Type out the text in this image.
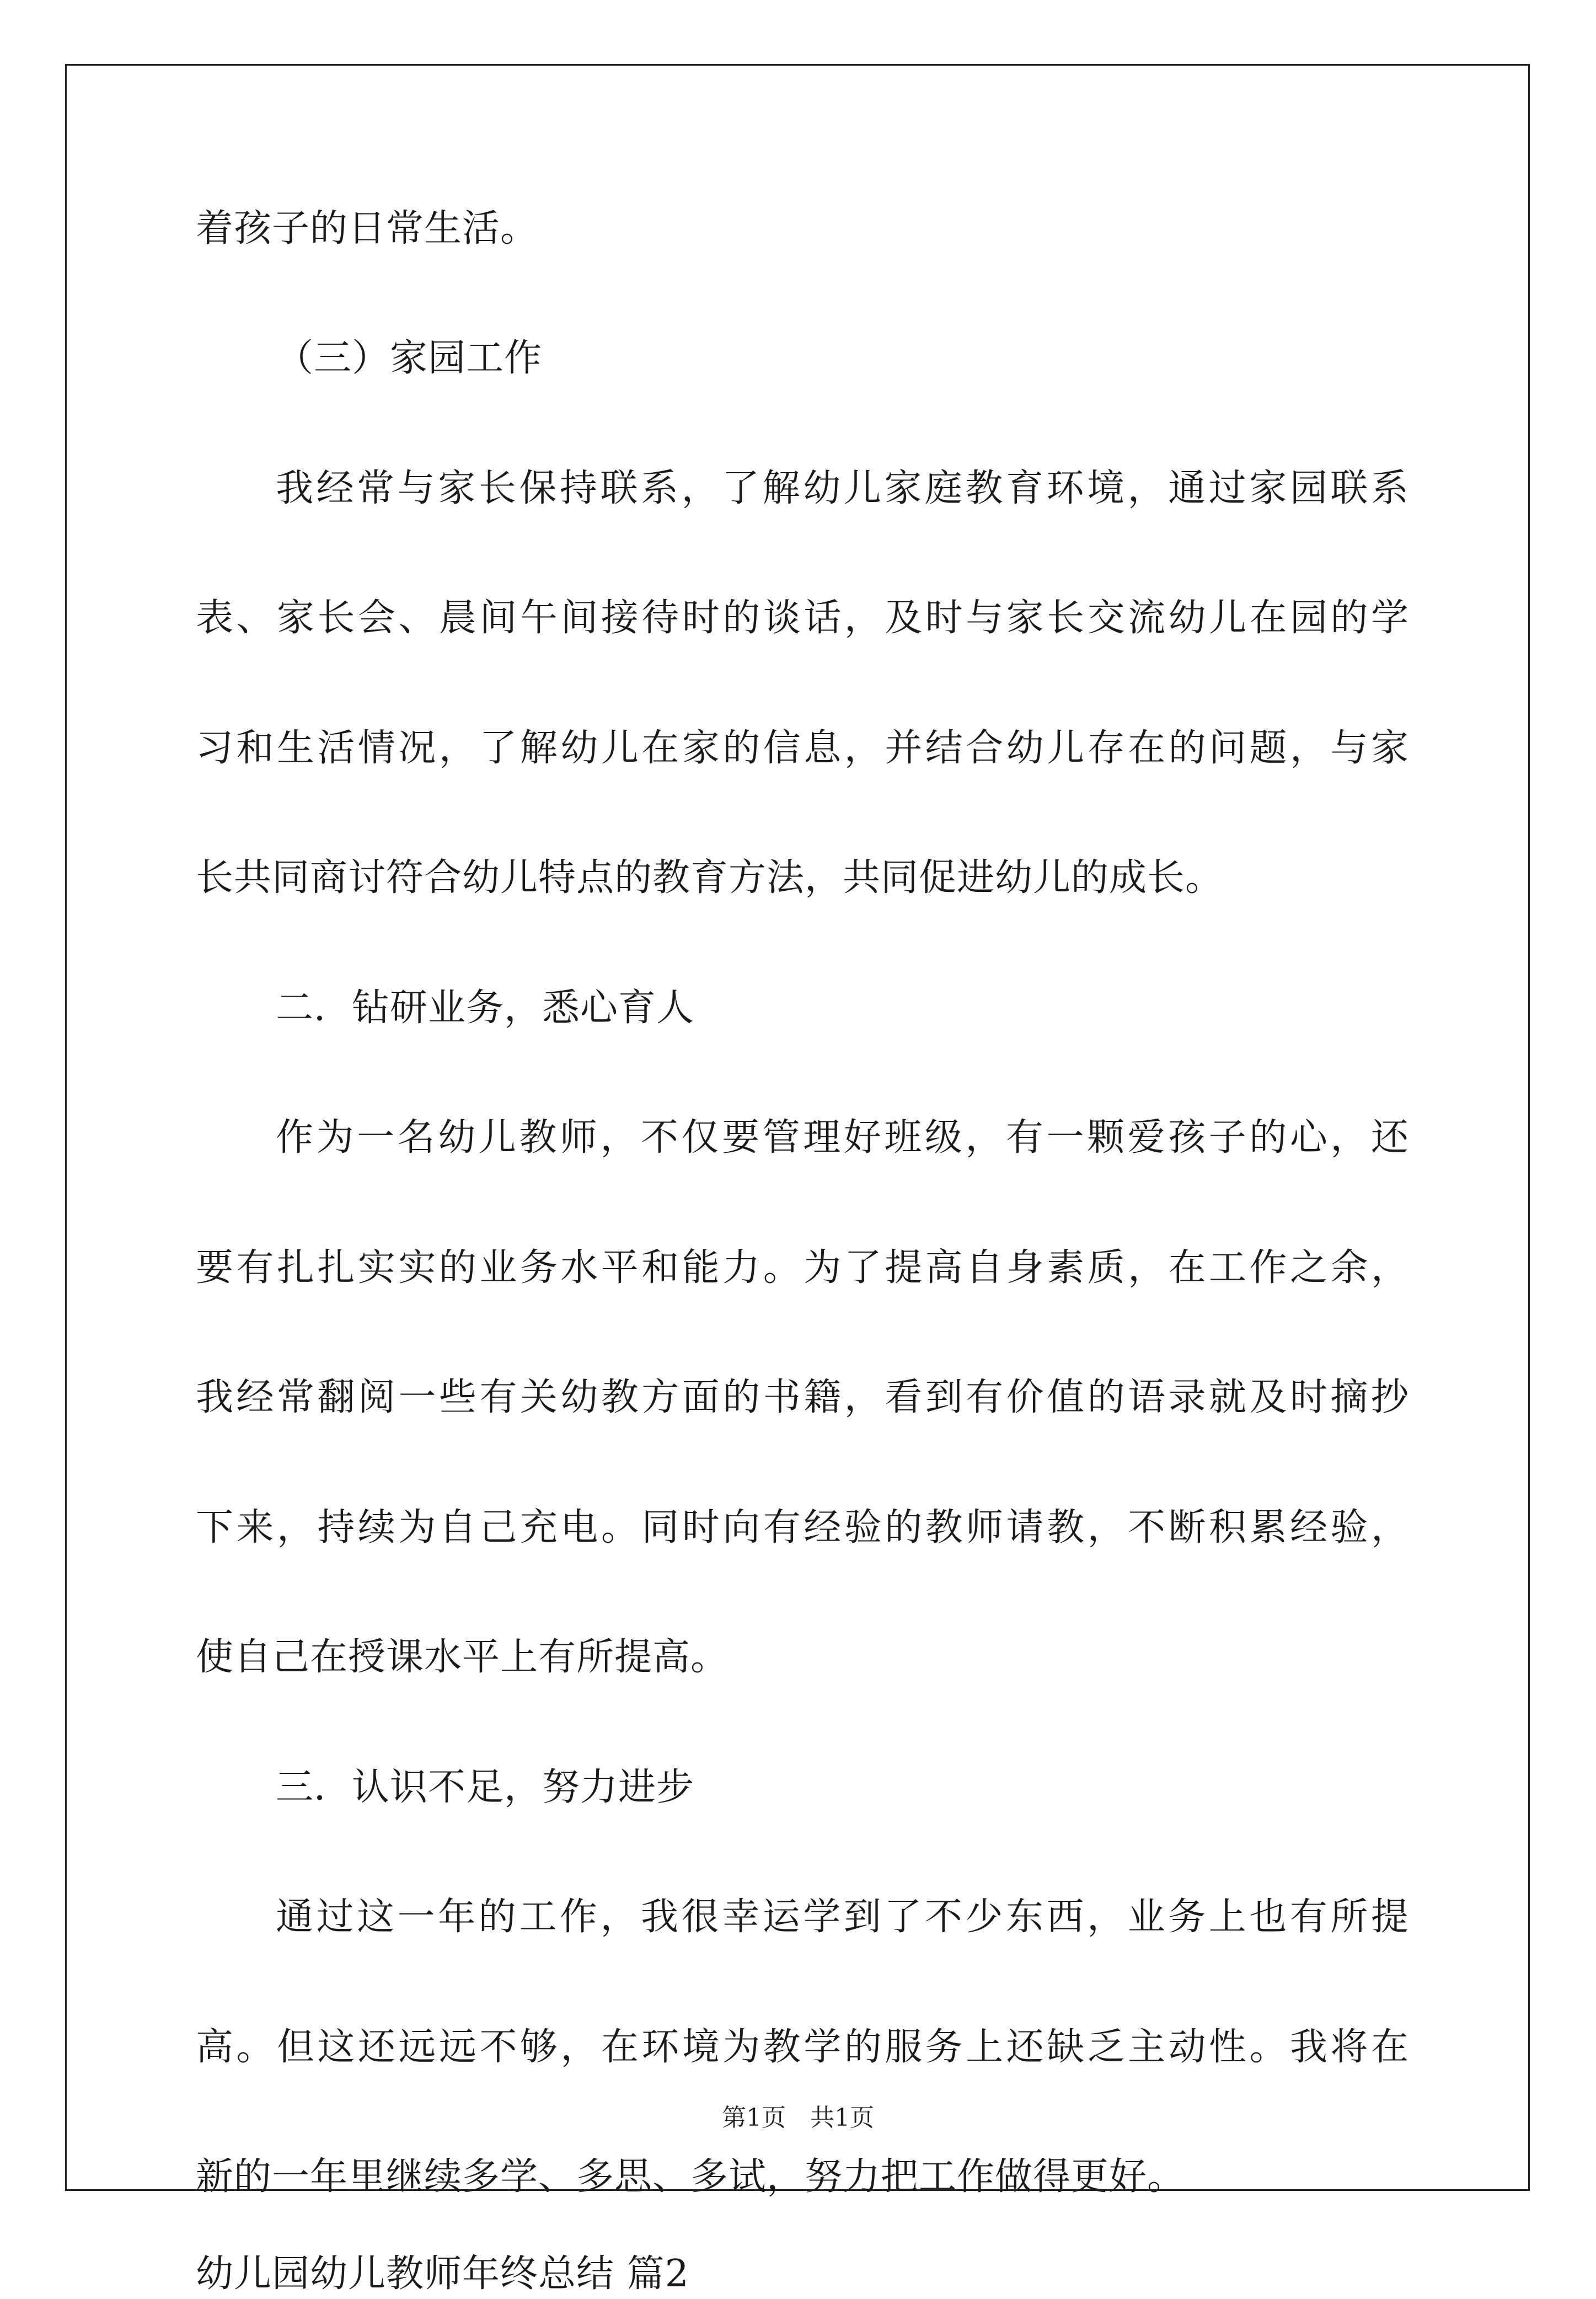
着孩子的日常生活。
（三）家园工作
我经常与家长保持联系，了解幼儿家庭教育环境，通过家园联系
表、家长会、晨间午间接待时的谈话，及时与家长交流幼儿在园的学
习和生活情况，了解幼儿在家的信息，并结合幼儿存在的问题，与家
长共同商讨符合幼儿特点的教育方法，共同促进幼儿的成长。
二．钻研业务，悉心育人
作为一名幼儿教师，不仅要管理好班级，有一颗爱孩子的心，还
要有扎扎实实的业务水平和能力。为了提高自身素质，在工作之余，
我经常翻阅一些有关幼教方面的书籍，看到有价值的语录就及时摘抄
下来，持续为自己充电。同时向有经验的教师请教，不断积累经验，
使自己在授课水平上有所提高。
三．认识不足，努力进步
通过这一年的工作，我很幸运学到了不少东西，业务上也有所提
高。但这还远远不够，在环境为教学的服务上还缺乏主动性。我将在
新的一年里继续多学、多思、多试，努力把工作做得更好。
幼儿园幼儿教师年终总结 篇2
第1页　共1页
